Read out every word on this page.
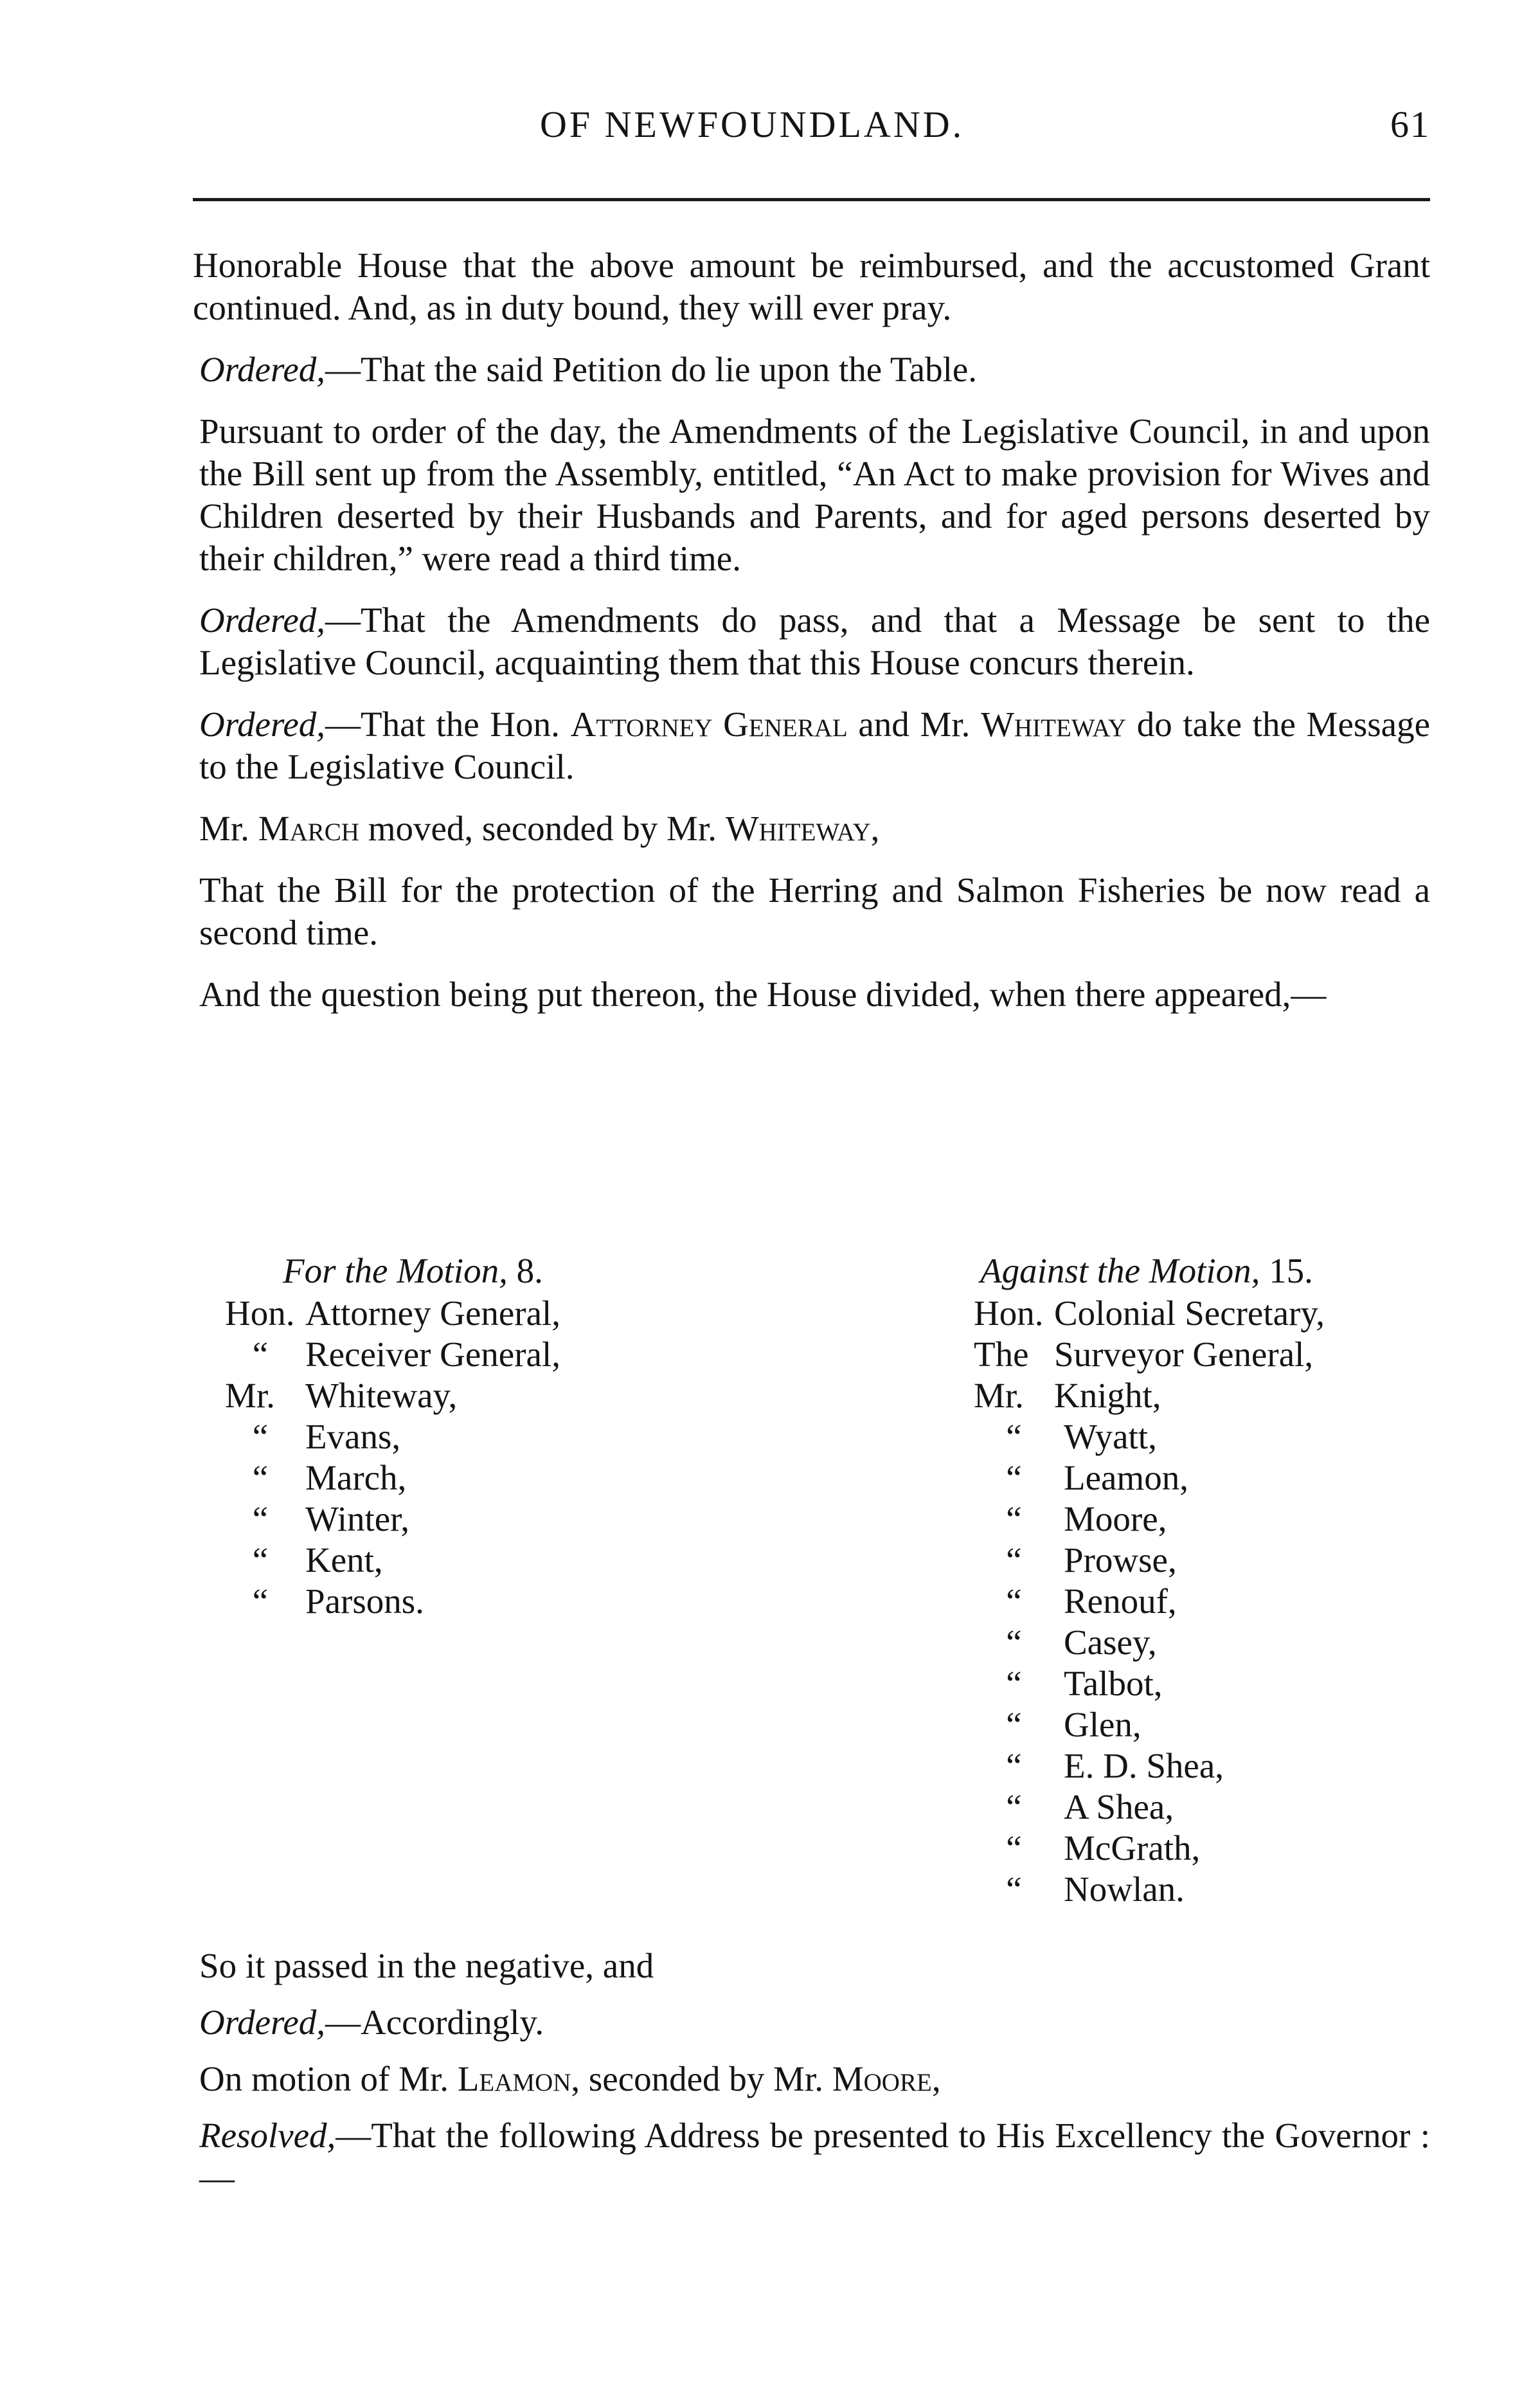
OF NEWFOUNDLAND.	61

Honorable House that the above amount be reimbursed, and the accustomed Grant continued. And, as in duty bound, they will ever pray.

Ordered,—That the said Petition do lie upon the Table.

Pursuant to order of the day, the Amendments of the Legislative Council, in and upon the Bill sent up from the Assembly, entitled, “An Act to make provision for Wives and Children deserted by their Husbands and Parents, and for aged persons deserted by their children,” were read a third time.

Ordered,—That the Amendments do pass, and that a Message be sent to the Legislative Council, acquainting them that this House concurs therein.

Ordered,—That the Hon. Attorney General and Mr. Whiteway do take the Message to the Legislative Council.

Mr. March moved, seconded by Mr. Whiteway,

That the Bill for the protection of the Herring and Salmon Fisheries be now read a second time.

And the question being put thereon, the House divided, when there appeared,—

For the Motion, 8.
Hon. Attorney General,
“	Receiver General,
Mr. Whiteway,
“	Evans,
“	March,
“	Winter,
“	Kent,
“	Parsons.
Against the Motion, 15.
Hon. Colonial Secretary,
The Surveyor General,
Mr. Knight,
“	Wyatt,
“	Leamon,
“	Moore,
“	Prowse,
“	Renouf,
“	Casey,
“	Talbot,
“	Glen,
“	E. D. Shea,
“	A Shea,
“	McGrath,
“	Nowlan.

So it passed in the negative, and

Ordered,—Accordingly.

On motion of Mr. Leamon, seconded by Mr. Moore,

Resolved,—That the following Address be presented to His Excellency the Governor :—
